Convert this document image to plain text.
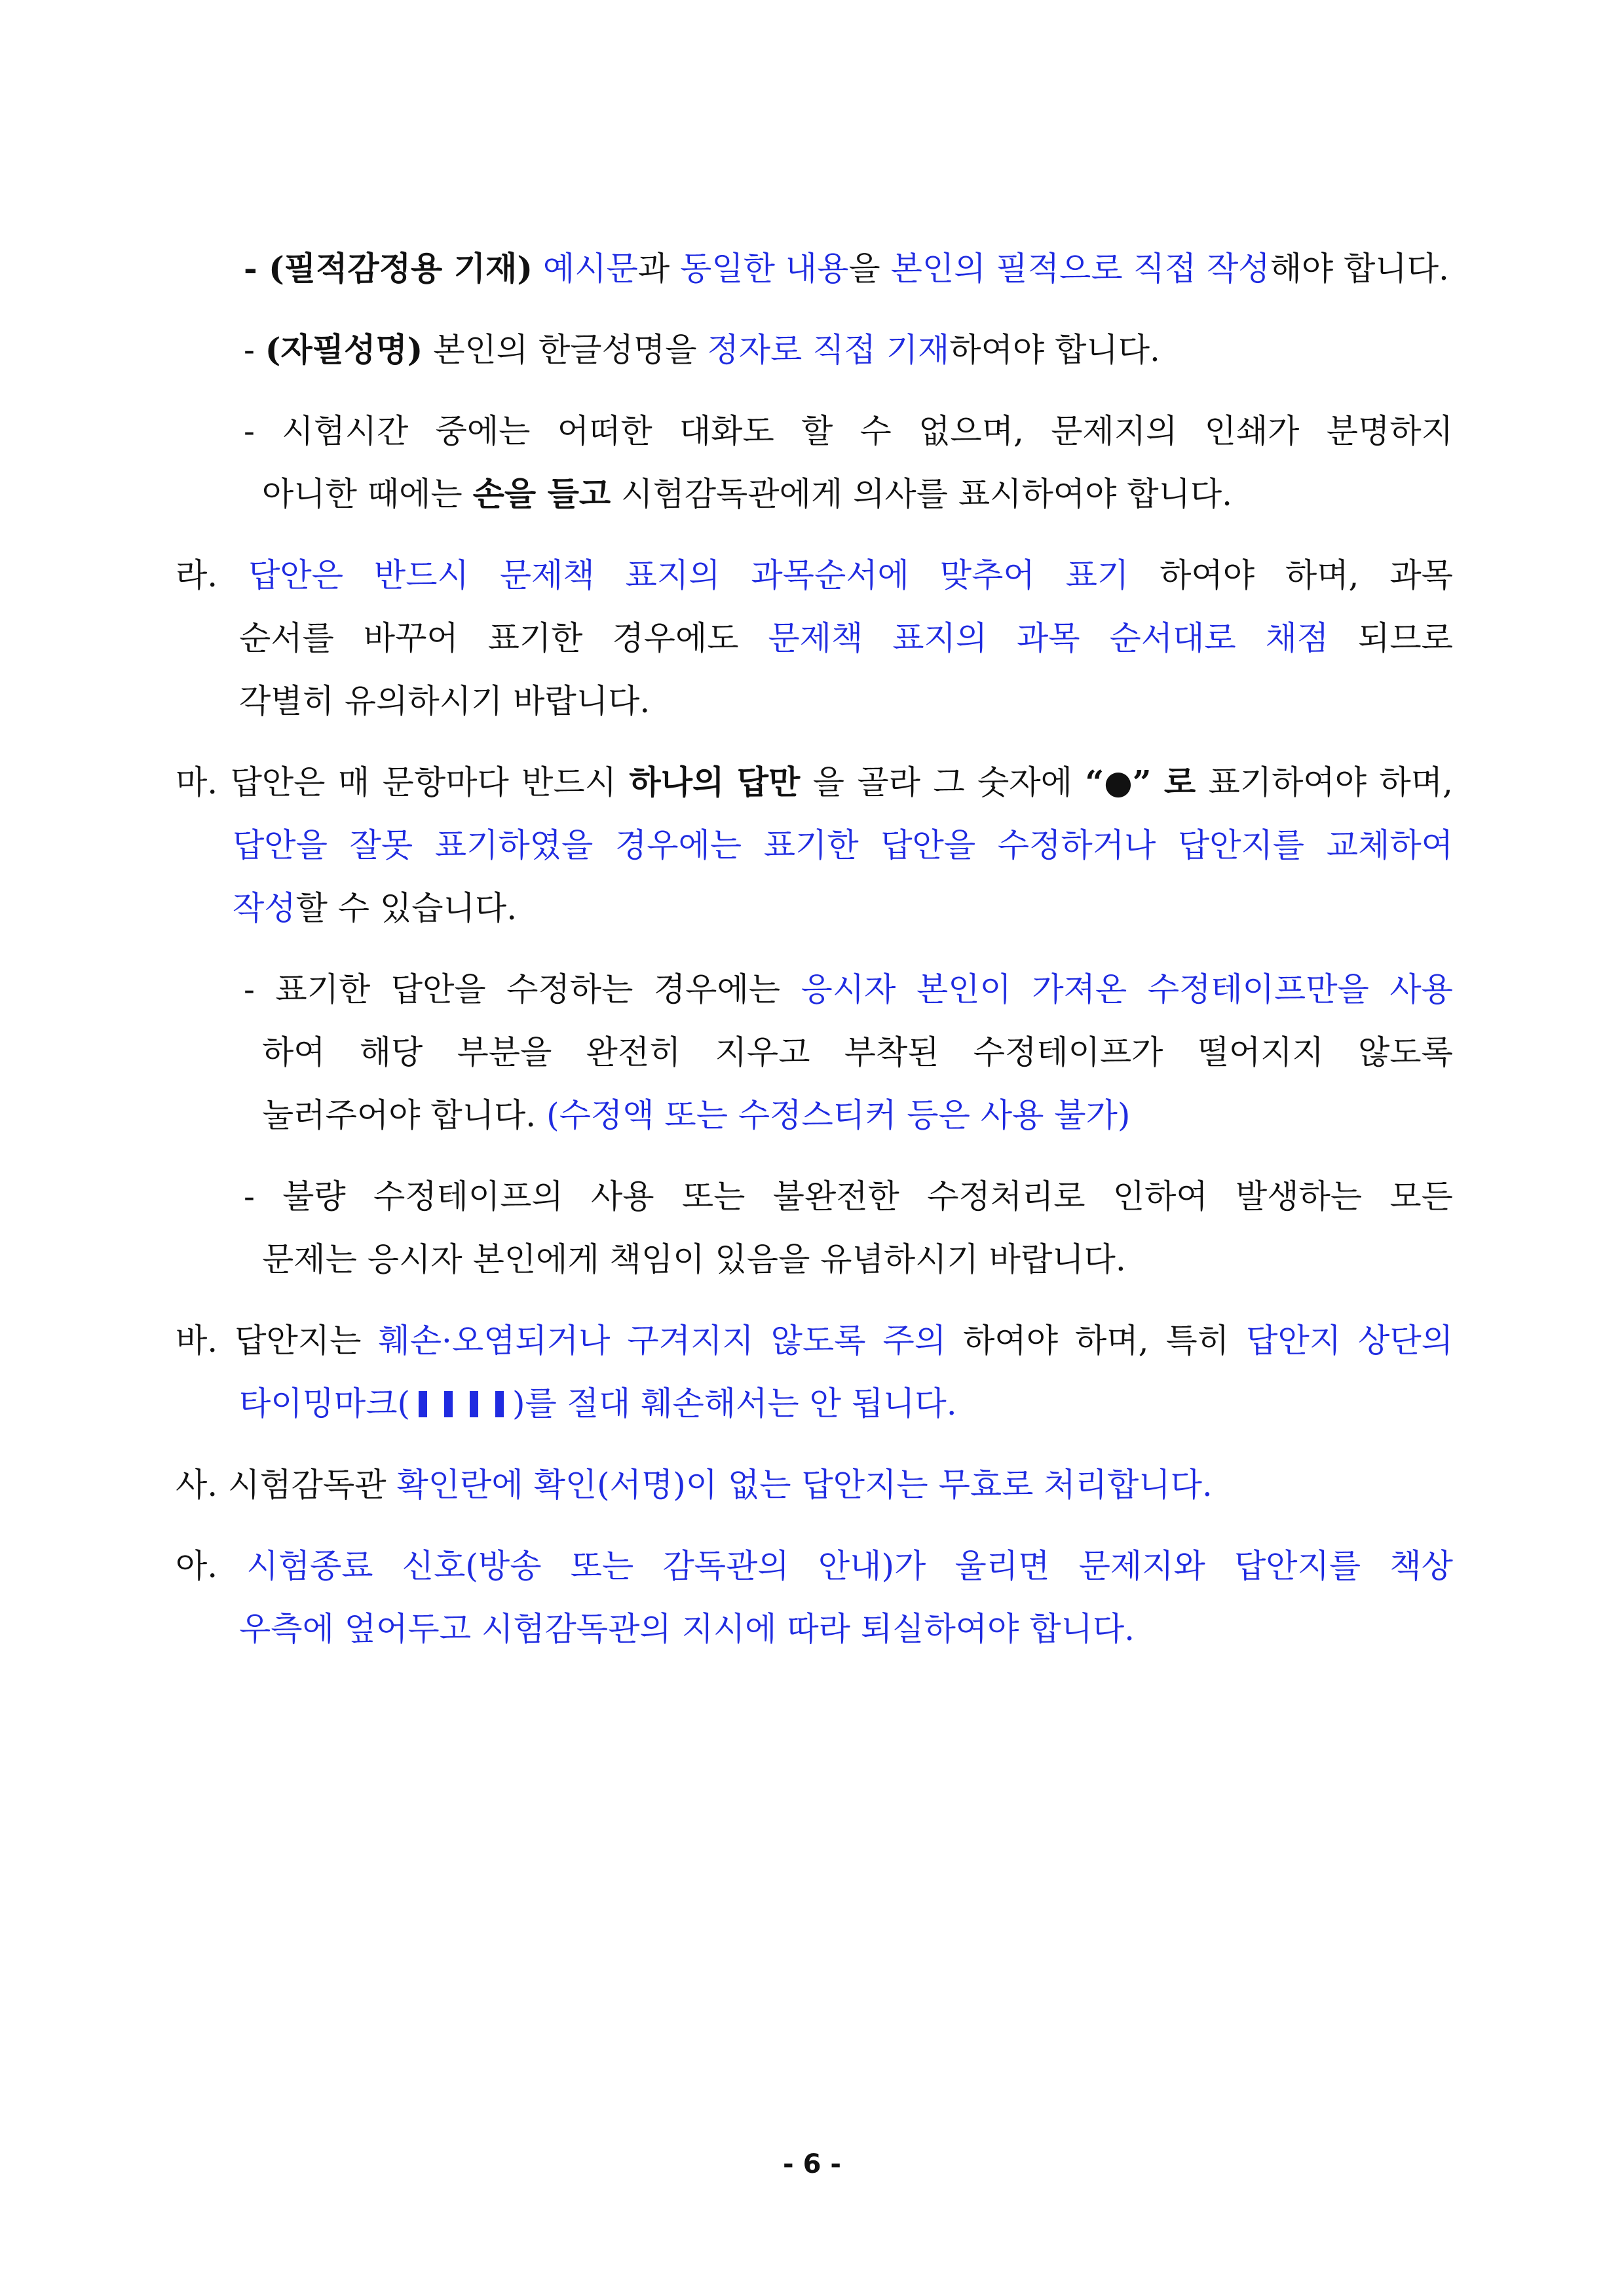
- (필적감정용 기재) 예시문과 동일한 내용을 본인의 필적으로 직접 작성해야 합니다.
- (자필성명) 본인의 한글성명을 정자로 직접 기재하여야 합니다.
- 시험시간 중에는 어떠한 대화도 할 수 없으며, 문제지의 인쇄가 분명하지
아니한 때에는 손을 들고 시험감독관에게 의사를 표시하여야 합니다.
라. 답안은 반드시 문제책 표지의 과목순서에 맞추어 표기 하여야 하며, 과목
순서를 바꾸어 표기한 경우에도 문제책 표지의 과목 순서대로 채점 되므로
각별히 유의하시기 바랍니다.
마. 답안은 매 문항마다 반드시 하나의 답만 을 골라 그 숫자에 “●” 로 표기하여야 하며,
답안을 잘못 표기하였을 경우에는 표기한 답안을 수정하거나 답안지를 교체하여
작성할 수 있습니다.
- 표기한 답안을 수정하는 경우에는 응시자 본인이 가져온 수정테이프만을 사용
하여 해당 부분을 완전히 지우고 부착된 수정테이프가 떨어지지 않도록
눌러주어야 합니다. (수정액 또는 수정스티커 등은 사용 불가)
- 불량 수정테이프의 사용 또는 불완전한 수정처리로 인하여 발생하는 모든
문제는 응시자 본인에게 책임이 있음을 유념하시기 바랍니다.
바. 답안지는 훼손·오염되거나 구겨지지 않도록 주의 하여야 하며, 특히 답안지 상단의
타이밍마크(	)를 절대 훼손해서는 안 됩니다.
사. 시험감독관 확인란에 확인(서명)이 없는 답안지는 무효로 처리합니다.
아. 시험종료 신호(방송 또는 감독관의 안내)가 울리면 문제지와 답안지를 책상
우측에 엎어두고 시험감독관의 지시에 따라 퇴실하여야 합니다.
- 6 -
